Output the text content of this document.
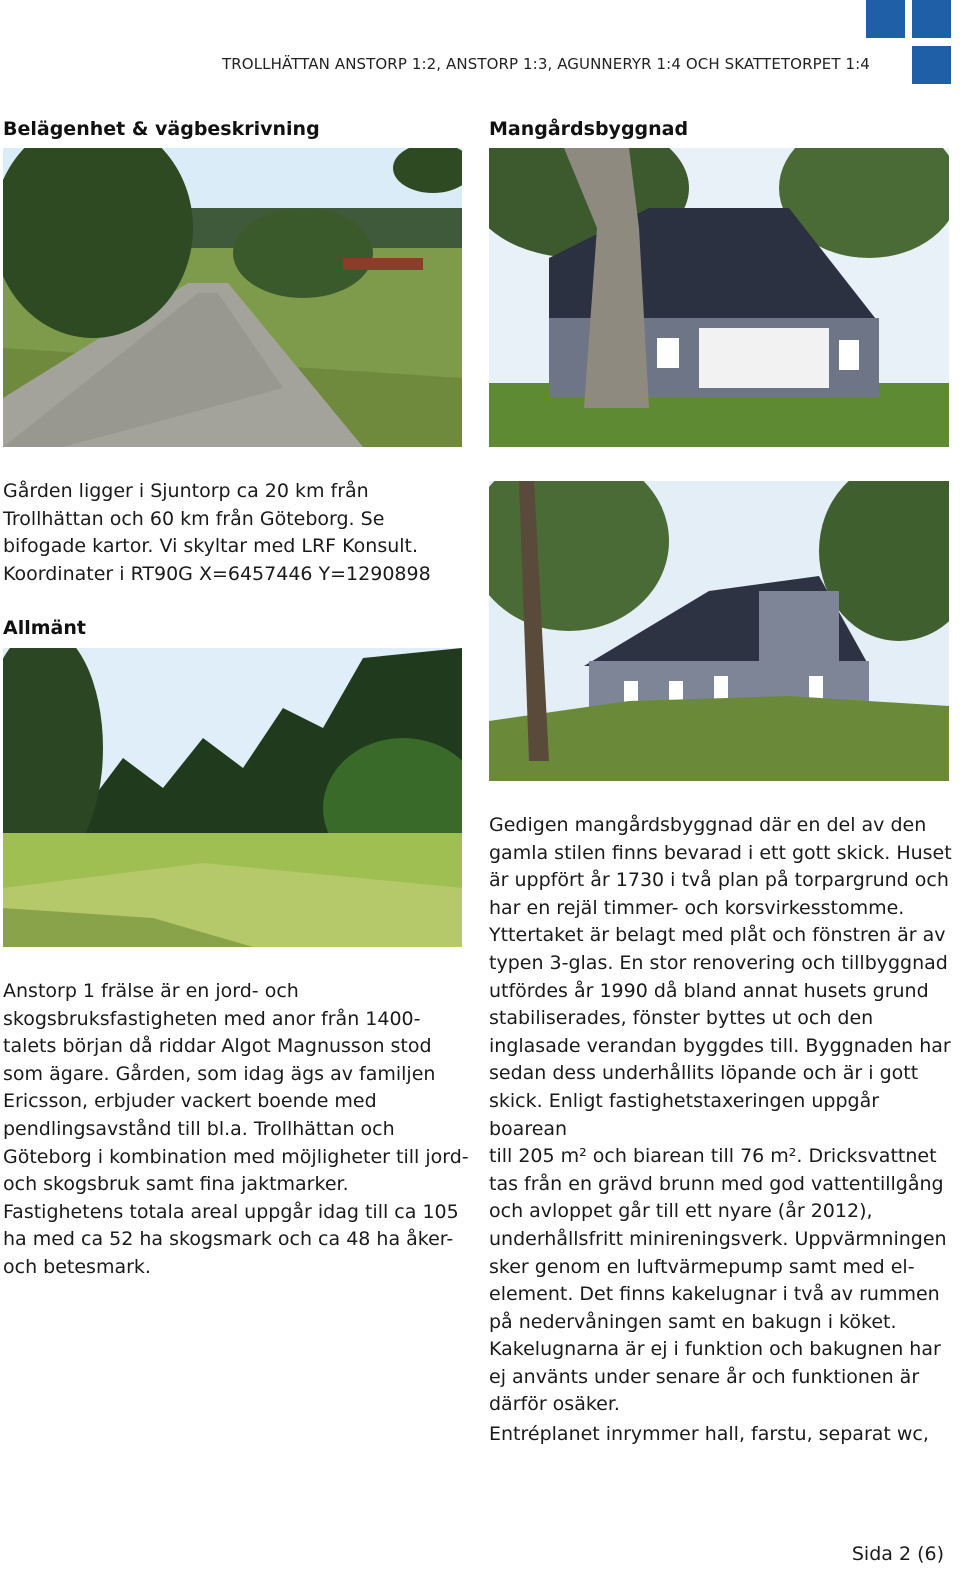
TROLLHÄTTAN ANSTORP 1:2, ANSTORP 1:3, AGUNNERYR 1:4 OCH SKATTETORPET 1:4
Belägenhet & vägbeskrivning
Gården ligger i Sjuntorp ca 20 km från
Trollhättan och 60 km från Göteborg. Se
bifogade kartor. Vi skyltar med LRF Konsult.
Koordinater i RT90G X=6457446 Y=1290898
Allmänt
Anstorp 1 frälse är en jord- och
skogsbruksfastigheten med anor från 1400-
talets början då riddar Algot Magnusson stod
som ägare. Gården, som idag ägs av familjen
Ericsson, erbjuder vackert boende med
pendlingsavstånd till bl.a. Trollhättan och
Göteborg i kombination med möjligheter till jord-
och skogsbruk samt fina jaktmarker.
Fastighetens totala areal uppgår idag till ca 105
ha med ca 52 ha skogsmark och ca 48 ha åker-
och betesmark.
Mangårdsbyggnad
Gedigen mangårdsbyggnad där en del av den
gamla stilen finns bevarad i ett gott skick. Huset
är uppfört år 1730 i två plan på torpargrund och
har en rejäl timmer- och korsvirkesstomme.
Yttertaket är belagt med plåt och fönstren är av
typen 3-glas. En stor renovering och tillbyggnad
utfördes år 1990 då bland annat husets grund
stabiliserades, fönster byttes ut och den
inglasade verandan byggdes till. Byggnaden har
sedan dess underhållits löpande och är i gott
skick. Enligt fastighetstaxeringen uppgår boarean
till 205 m² och biarean till 76 m². Dricksvattnet
tas från en grävd brunn med god vattentillgång
och avloppet går till ett nyare (år 2012),
underhållsfritt minireningsverk. Uppvärmningen
sker genom en luftvärmepump samt med el-
element. Det finns kakelugnar i två av rummen
på nedervåningen samt en bakugn i köket.
Kakelugnarna är ej i funktion och bakugnen har
ej använts under senare år och funktionen är
därför osäker.
Entréplanet inrymmer hall, farstu, separat wc,
Sida 2 (6)
